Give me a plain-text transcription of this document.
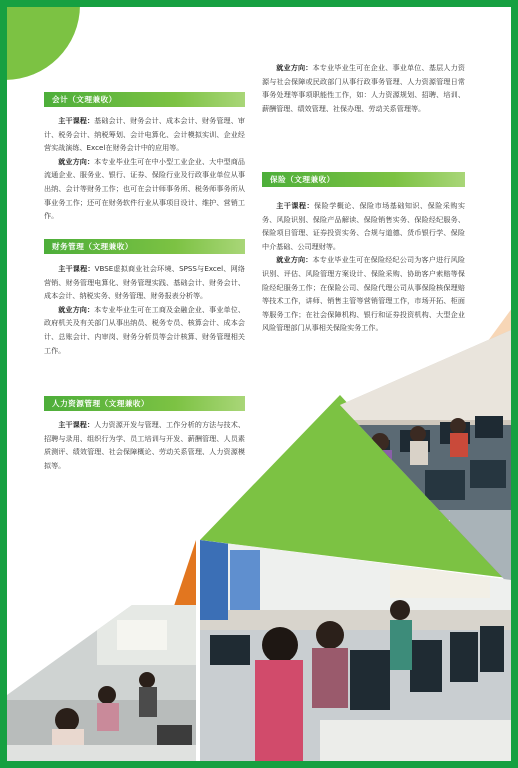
会计（文理兼收）

主干课程：基础会计、财务会计、成本会计、财务管理、审计、税务会计、纳税筹划、会计电算化、会计模拟实训、企业经营实战演练、Excel在财务会计中的应用等。

就业方向：本专业毕业生可在中小型工业企业、大中型商品流通企业、服务业、银行、证券、保险行业及行政事业单位从事出纳、会计等财务工作；也可在会计师事务所、税务师事务所从事业务工作；还可在财务软件行业从事项目设计、维护、营销工作。

财务管理（文理兼收）

主干课程：VBSE虚拟商业社会环境、SPSS与Excel、网络营销、财务管理电算化、财务管理实践、基础会计、财务会计、成本会计、纳税实务、财务管理、财务报表分析等。

就业方向：本专业毕业生可在工商及金融企业、事业单位、政府机关及有关部门从事出纳员、税务专员、核算会计、成本会计、总账会计、内审岗、财务分析员等会计核算、财务管理相关工作。

人力资源管理（文理兼收）

主干课程：人力资源开发与管理、工作分析的方法与技术、招聘与录用、组织行为学、员工培训与开发、薪酬管理、人员素质测评、绩效管理、社会保障概论、劳动关系管理、人力资源模拟等。

就业方向：本专业毕业生可在企业、事业单位、基层人力资源与社会保障或民政部门从事行政事务管理、人力资源管理日常事务处理等事项职能性工作，如：人力资源规划、招聘、培训、薪酬管理、绩效管理、社保办理、劳动关系管理等。

保险（文理兼收）

主干课程：保险学概论、保险市场基础知识、保险采购实务、风险识别、保险产品解读、保险销售实务、保险经纪服务、保险项目管理、证券投资实务、合规与道德、货币银行学、保险中介基础、公司理财等。

就业方向：本专业毕业生可在保险经纪公司为客户进行风险识别、评估、风险管理方案设计、保险采购、协助客户索赔等保险经纪服务工作；在保险公司、保险代理公司从事保险核保理赔等技术工作，讲师、销售主管等营销管理工作，市场开拓、柜面等服务工作；在社会保障机构、银行和证券投资机构、大型企业风险管理部门从事相关保险实务工作。
